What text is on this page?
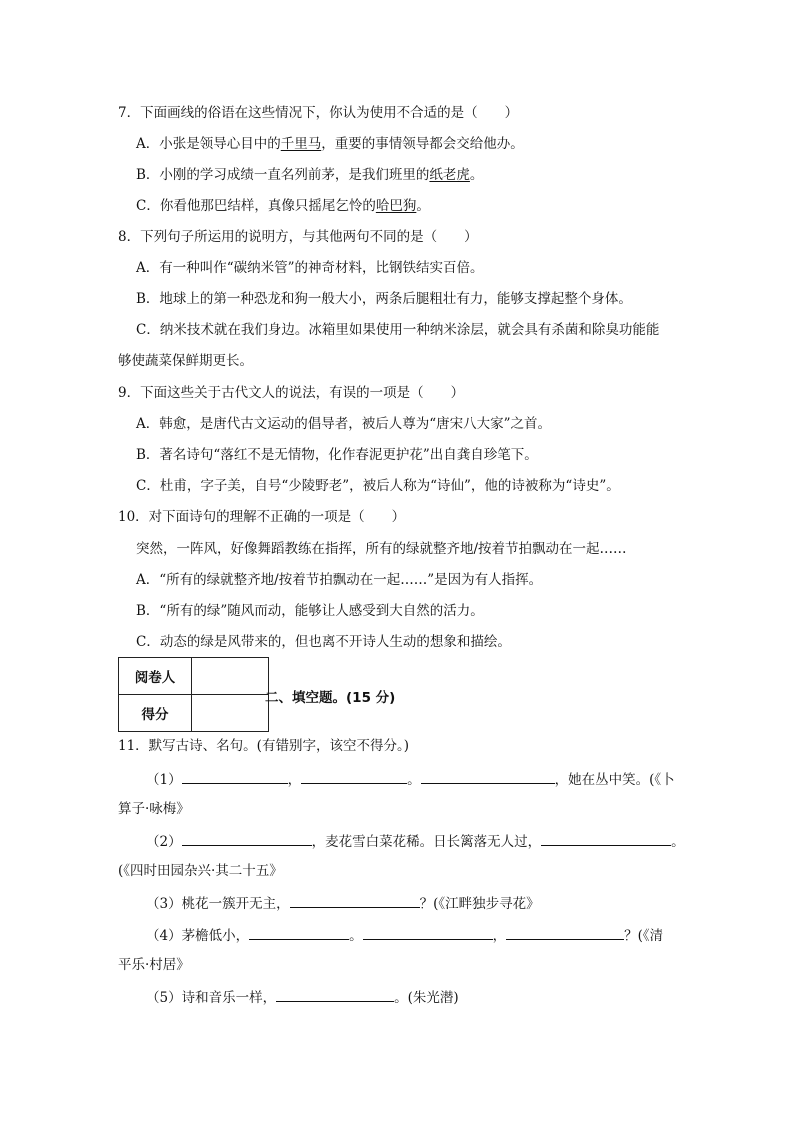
7．下面画线的俗语在这些情况下，你认为使用不合适的是（　　）
A．小张是领导心目中的千里马，重要的事情领导都会交给他办。
B．小刚的学习成绩一直名列前茅，是我们班里的纸老虎。
C．你看他那巴结样，真像只摇尾乞怜的哈巴狗。
8．下列句子所运用的说明方，与其他两句不同的是（　　）
A．有一种叫作“碳纳米管”的神奇材料，比钢铁结实百倍。
B．地球上的第一种恐龙和狗一般大小，两条后腿粗壮有力，能够支撑起整个身体。
C．纳米技术就在我们身边。冰箱里如果使用一种纳米涂层，就会具有杀菌和除臭功能能
够使蔬菜保鲜期更长。
9．下面这些关于古代文人的说法，有误的一项是（　　）
A．韩愈，是唐代古文运动的倡导者，被后人尊为“唐宋八大家”之首。
B．著名诗句“落红不是无情物，化作春泥更护花”出自龚自珍笔下。
C．杜甫，字子美，自号“少陵野老”，被后人称为“诗仙”，他的诗被称为“诗史”。
10．对下面诗句的理解不正确的一项是（　　）
突然，一阵风，好像舞蹈教练在指挥，所有的绿就整齐地/按着节拍飘动在一起……
A．“所有的绿就整齐地/按着节拍飘动在一起……”是因为有人指挥。
B．“所有的绿”随风而动，能够让人感受到大自然的活力。
C．动态的绿是风带来的，但也离不开诗人生动的想象和描绘。
阅卷人	
得分	
二、填空题。(15 分)
11．默写古诗、名句。(有错别字，该空不得分。)
（1）	，	。	，她在丛中笑。(《卜
算子·咏梅》
（2）	，麦花雪白菜花稀。日长篱落无人过，	。
(《四时田园杂兴·其二十五》
（3）桃花一簇开无主，	？(《江畔独步寻花》
（4）茅檐低小，	。	，	？(《清
平乐·村居》
（5）诗和音乐一样，	。(朱光潜)
